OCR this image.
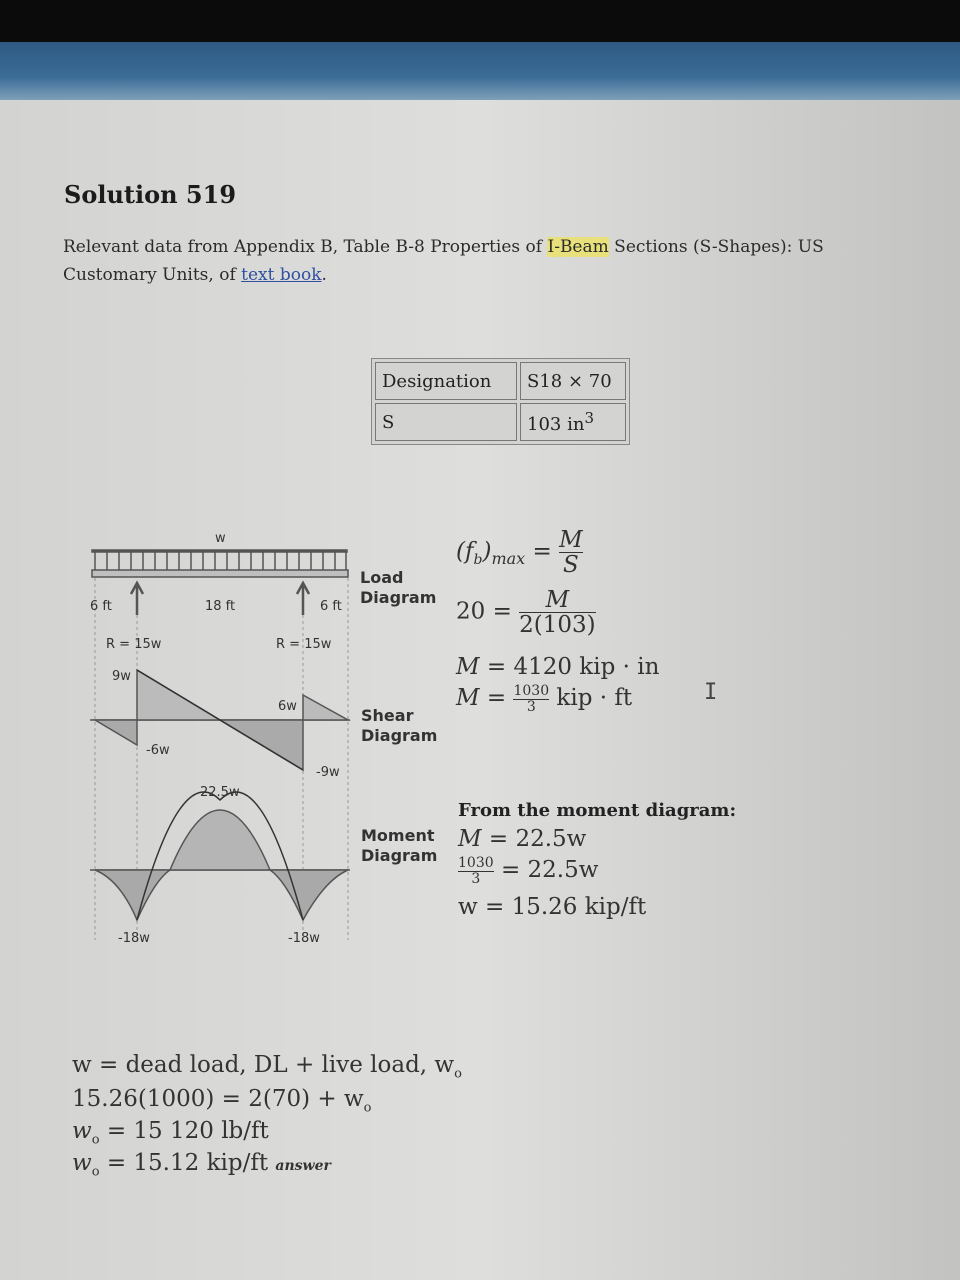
Solution 519
Relevant data from Appendix B, Table B-8 Properties of I-Beam Sections (S-Shapes): US Customary Units, of text book.
Designation	S18 × 70
S	103 $in^3$
w
6 ft	18 ft	6 ft
R = 15w	R = 15w
9w
-6w
6w
-9w
22.5w
-18w	-18w
Load Diagram
Shear Diagram
Moment Diagram
$(f_b)_{max} = \frac{M}{S}$
$20 = \frac{M}{2(103)}$
M = 4120 kip · in
$M = \frac{1030}{3}$ kip · ft	I
From the moment diagram:
M = 22.5w
$\frac{1030}{3} = 22.5w$
w = 15.26 kip/ft
w = dead load, DL + live load, $w_o$
$15.26(1000) = 2(70) + w_o$
$w_o = 15$ 120 lb/ft
$w_o = 15.12$ kip/ft answer
